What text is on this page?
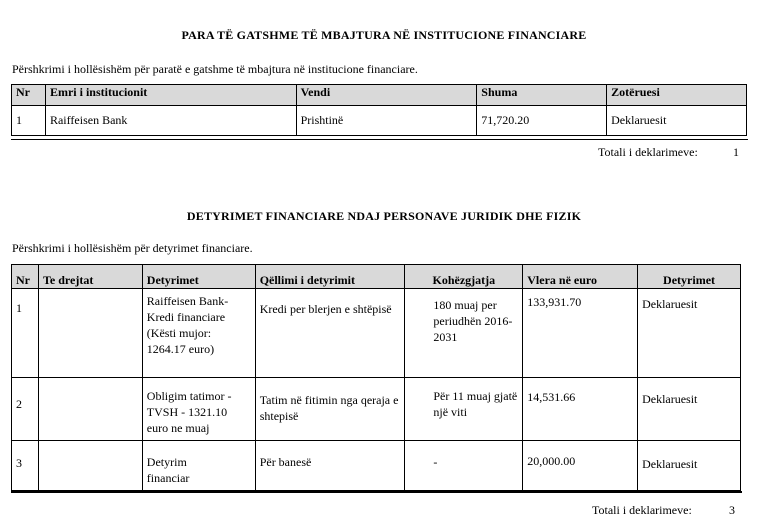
PARA TË GATSHME TË MBAJTURA NË INSTITUCIONE FINANCIARE
Përshkrimi i hollësishëm për paratë e gatshme të mbajtura në institucione financiare.
Nr	Emri i institucionit	Vendi	Shuma	Zotëruesi
1	Raiffeisen Bank	Prishtinë	71,720.20	Deklaruesit
Totali i deklarimeve:	1
DETYRIMET FINANCIARE NDAJ PERSONAVE JURIDIK DHE FIZIK
Përshkrimi i hollësishëm për detyrimet financiare.
Nr	Te drejtat	Detyrimet	Qëllimi i detyrimit	Kohëzgjatja	Vlera në euro	Detyrimet
1		Raiffeisen Bank-Kredi financiare (Kësti mujor: 1264.17 euro)	Kredi per blerjen e shtëpisë	180 muaj per periudhën 2016-2031	133,931.70	Deklaruesit
2		Obligim tatimor - TVSH - 1321.10 euro ne muaj	Tatim në fitimin nga qeraja e shtepisë	Për 11 muaj gjatë një viti	14,531.66	Deklaruesit
3		Detyrim financiar	Për banesë	-	20,000.00	Deklaruesit
Totali i deklarimeve:	3
